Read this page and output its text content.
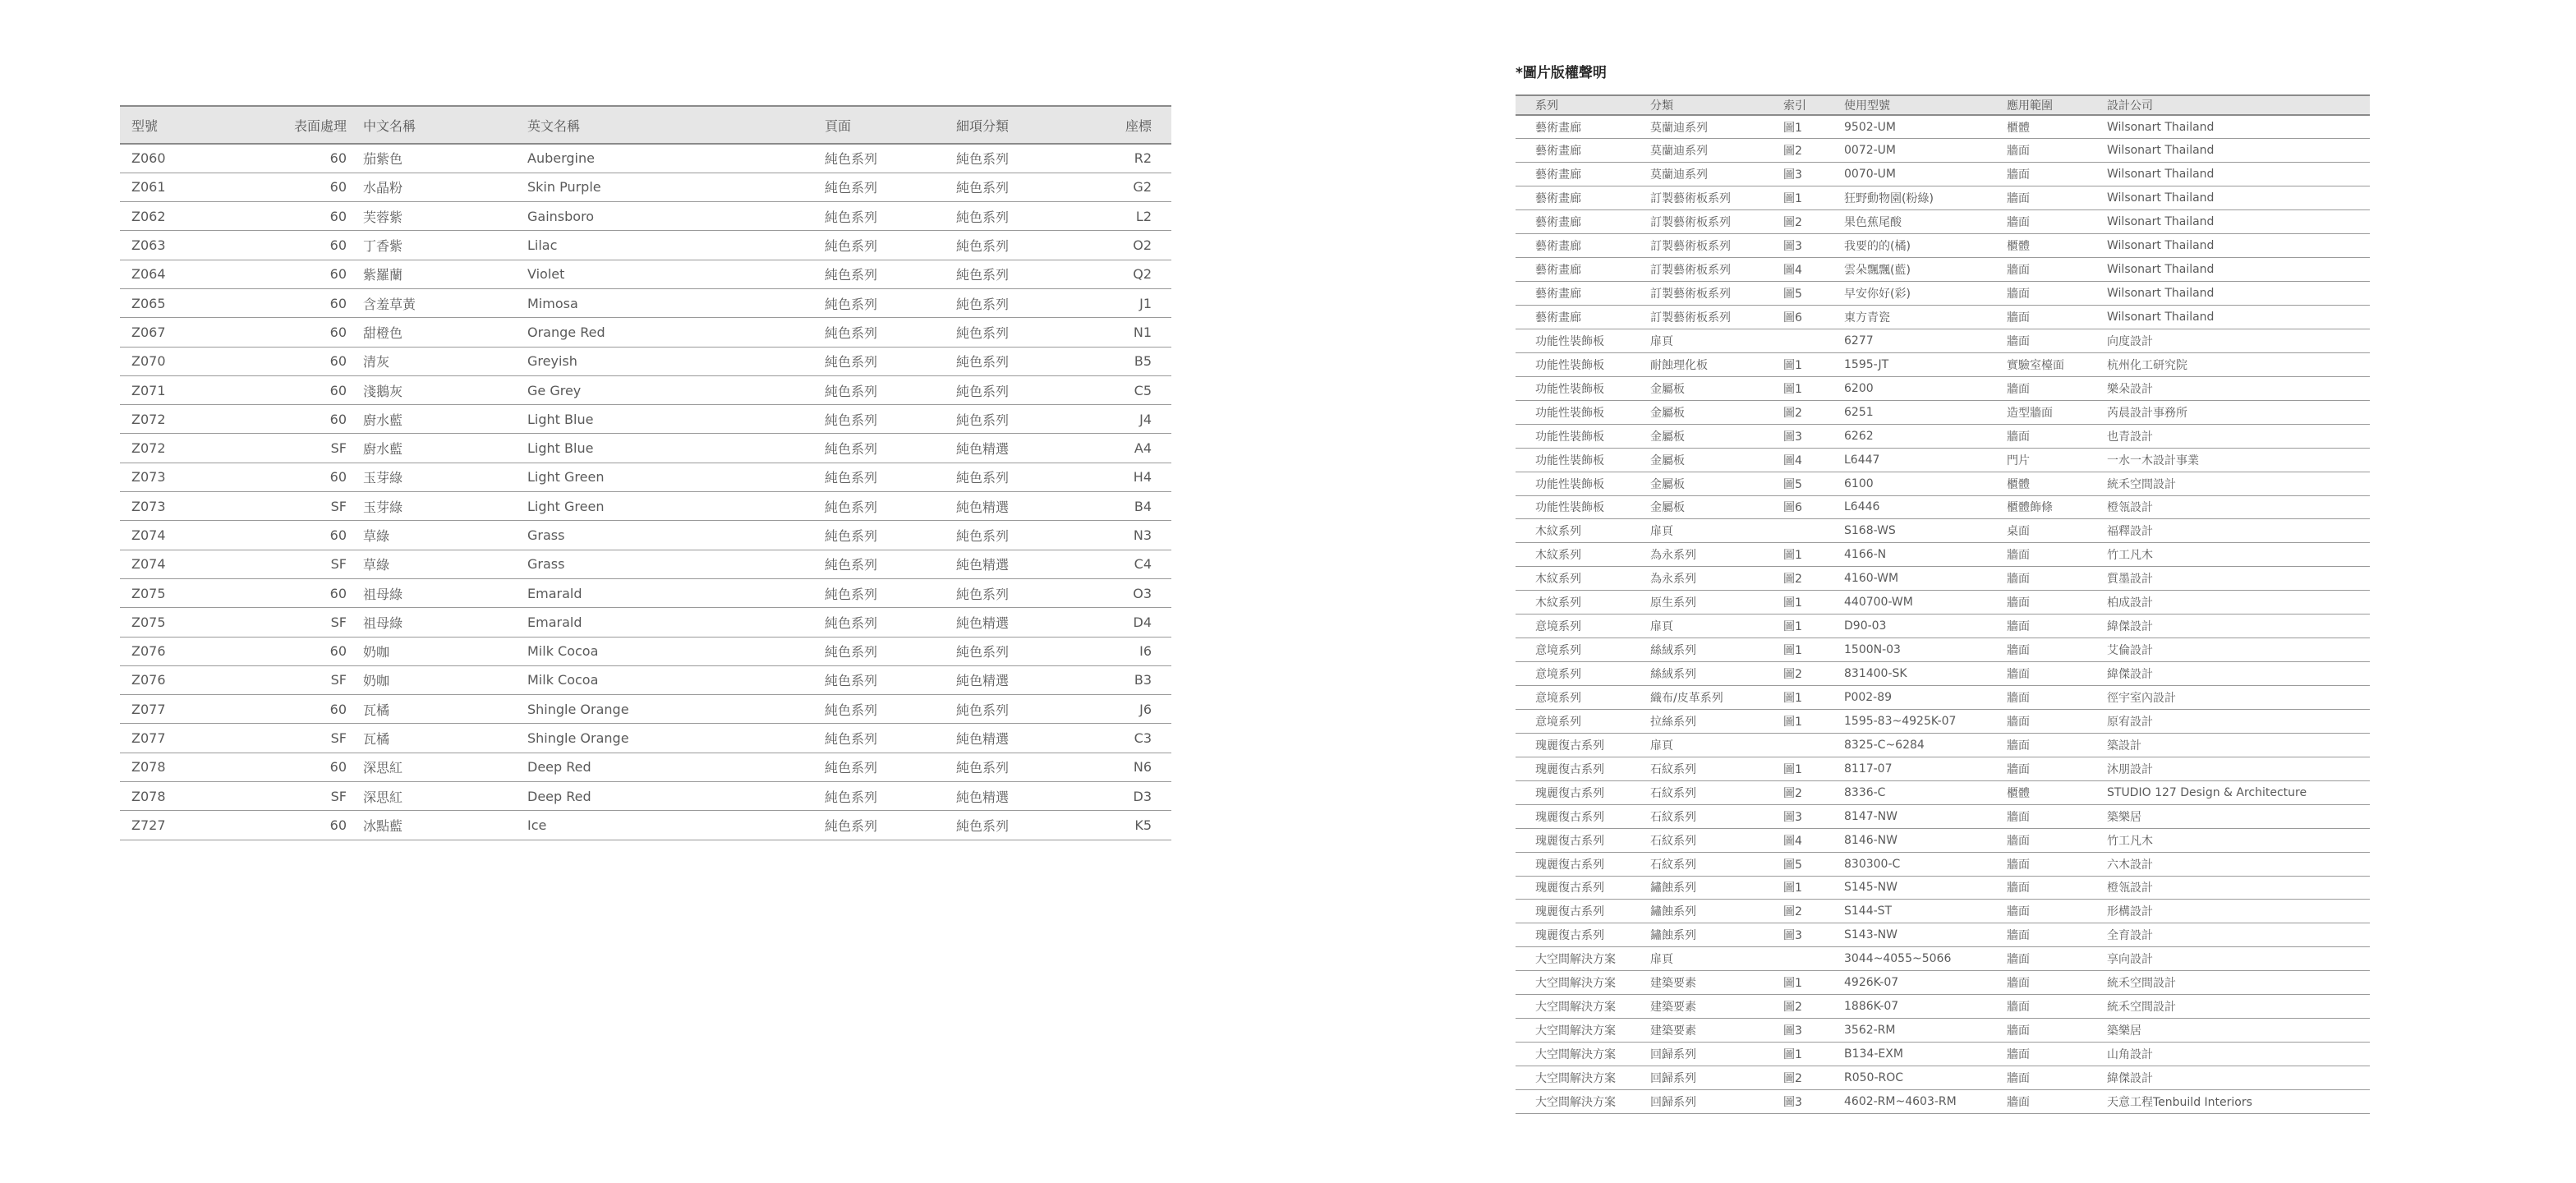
型號	表面處理	中文名稱	英文名稱	頁面	細項分類	座標
Z060	60	茄紫色	Aubergine	純色系列	純色系列	R2
Z061	60	水晶粉	Skin Purple	純色系列	純色系列	G2
Z062	60	芙蓉紫	Gainsboro	純色系列	純色系列	L2
Z063	60	丁香紫	Lilac	純色系列	純色系列	O2
Z064	60	紫羅蘭	Violet	純色系列	純色系列	Q2
Z065	60	含羞草黃	Mimosa	純色系列	純色系列	J1
Z067	60	甜橙色	Orange Red	純色系列	純色系列	N1
Z070	60	清灰	Greyish	純色系列	純色系列	B5
Z071	60	淺鵝灰	Ge Grey	純色系列	純色系列	C5
Z072	60	廚水藍	Light Blue	純色系列	純色系列	J4
Z072	SF	廚水藍	Light Blue	純色系列	純色精選	A4
Z073	60	玉芽綠	Light Green	純色系列	純色系列	H4
Z073	SF	玉芽綠	Light Green	純色系列	純色精選	B4
Z074	60	草綠	Grass	純色系列	純色系列	N3
Z074	SF	草綠	Grass	純色系列	純色精選	C4
Z075	60	祖母綠	Emarald	純色系列	純色系列	O3
Z075	SF	祖母綠	Emarald	純色系列	純色精選	D4
Z076	60	奶咖	Milk Cocoa	純色系列	純色系列	I6
Z076	SF	奶咖	Milk Cocoa	純色系列	純色精選	B3
Z077	60	瓦橘	Shingle Orange	純色系列	純色系列	J6
Z077	SF	瓦橘	Shingle Orange	純色系列	純色精選	C3
Z078	60	深思紅	Deep Red	純色系列	純色系列	N6
Z078	SF	深思紅	Deep Red	純色系列	純色精選	D3
Z727	60	冰點藍	Ice	純色系列	純色系列	K5
*圖片版權聲明
系列	分類	索引	使用型號	應用範圍	設計公司
藝術畫廊	莫蘭迪系列	圖1	9502-UM	櫃體	Wilsonart Thailand
藝術畫廊	莫蘭迪系列	圖2	0072-UM	牆面	Wilsonart Thailand
藝術畫廊	莫蘭迪系列	圖3	0070-UM	牆面	Wilsonart Thailand
藝術畫廊	訂製藝術板系列	圖1	狂野動物園(粉綠)	牆面	Wilsonart Thailand
藝術畫廊	訂製藝術板系列	圖2	果色蕉尾酸	牆面	Wilsonart Thailand
藝術畫廊	訂製藝術板系列	圖3	我要的的(橘)	櫃體	Wilsonart Thailand
藝術畫廊	訂製藝術板系列	圖4	雲朵飄飄(藍)	牆面	Wilsonart Thailand
藝術畫廊	訂製藝術板系列	圖5	早安你好(彩)	牆面	Wilsonart Thailand
藝術畫廊	訂製藝術板系列	圖6	東方青瓷	牆面	Wilsonart Thailand
功能性裝飾板	扉頁		6277	牆面	向度設計
功能性裝飾板	耐蝕理化板	圖1	1595-JT	實驗室檯面	杭州化工研究院
功能性裝飾板	金屬板	圖1	6200	牆面	樂朵設計
功能性裝飾板	金屬板	圖2	6251	造型牆面	芮晨設計事務所
功能性裝飾板	金屬板	圖3	6262	牆面	也青設計
功能性裝飾板	金屬板	圖4	L6447	門片	一水一木設計事業
功能性裝飾板	金屬板	圖5	6100	櫃體	統禾空間設計
功能性裝飾板	金屬板	圖6	L6446	櫃體飾條	橙瓴設計
木紋系列	扉頁		S168-WS	桌面	福釋設計
木紋系列	為永系列	圖1	4166-N	牆面	竹工凡木
木紋系列	為永系列	圖2	4160-WM	牆面	質墨設計
木紋系列	原生系列	圖1	440700-WM	牆面	柏成設計
意境系列	扉頁	圖1	D90-03	牆面	緯傑設計
意境系列	絲絨系列	圖1	1500N-03	牆面	艾倫設計
意境系列	絲絨系列	圖2	831400-SK	牆面	緯傑設計
意境系列	織布/皮革系列	圖1	P002-89	牆面	徑宇室內設計
意境系列	拉絲系列	圖1	1595-83~4925K-07	牆面	原宥設計
瑰麗復古系列	扉頁		8325-C~6284	牆面	築設計
瑰麗復古系列	石紋系列	圖1	8117-07	牆面	沐朋設計
瑰麗復古系列	石紋系列	圖2	8336-C	櫃體	STUDIO 127 Design & Architecture
瑰麗復古系列	石紋系列	圖3	8147-NW	牆面	築樂居
瑰麗復古系列	石紋系列	圖4	8146-NW	牆面	竹工凡木
瑰麗復古系列	石紋系列	圖5	830300-C	牆面	六木設計
瑰麗復古系列	鏽蝕系列	圖1	S145-NW	牆面	橙瓴設計
瑰麗復古系列	鏽蝕系列	圖2	S144-ST	牆面	形構設計
瑰麗復古系列	鏽蝕系列	圖3	S143-NW	牆面	全育設計
大空間解決方案	扉頁		3044~4055~5066	牆面	享向設計
大空間解決方案	建築要素	圖1	4926K-07	牆面	統禾空間設計
大空間解決方案	建築要素	圖2	1886K-07	牆面	統禾空間設計
大空間解決方案	建築要素	圖3	3562-RM	牆面	築樂居
大空間解決方案	回歸系列	圖1	B134-EXM	牆面	山角設計
大空間解決方案	回歸系列	圖2	R050-ROC	牆面	緯傑設計
大空間解決方案	回歸系列	圖3	4602-RM~4603-RM	牆面	天意工程Tenbuild Interiors
